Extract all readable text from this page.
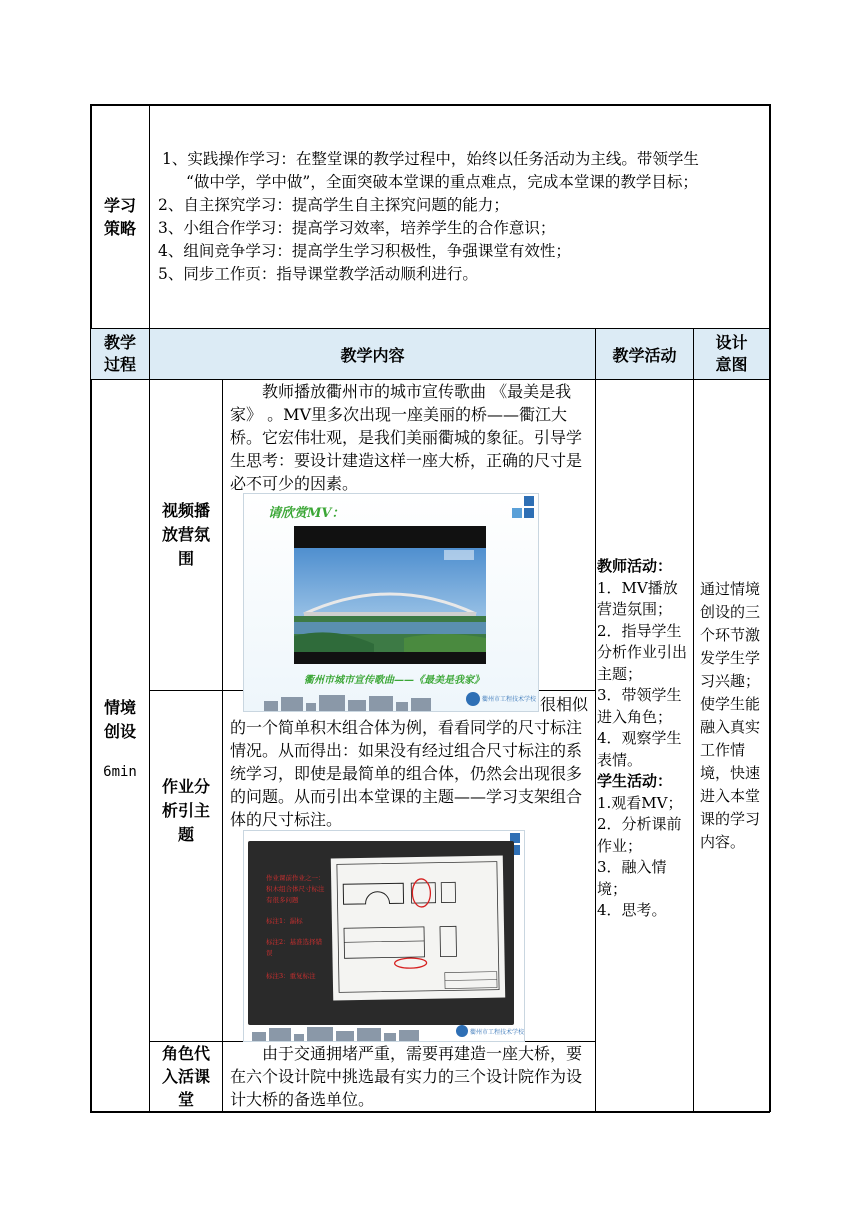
学习策略

1、实践操作学习：在整堂课的教学过程中，始终以任务活动为主线。带领学生

“做中学，学中做”，全面突破本堂课的重点难点，完成本堂课的教学目标；

2、自主探究学习：提高学生自主探究问题的能力；

3、小组合作学习：提高学习效率，培养学生的合作意识；

4、组间竞争学习：提高学生学习积极性，争强课堂有效性；

5、同步工作页：指导课堂教学活动顺利进行。

教学过程	教学内容	教学活动
设计意图
情境创设
6min
视频播放营氛围
教师播放衢州市的城市宣传歌曲 《最美是我家》 。MV里多次出现一座美丽的桥——衢江大桥。它宏伟壮观，是我们美丽衢城的象征。引导学生思考：要设计建造这样一座大桥，正确的尺寸是必不可少的因素。
请欣赏MV：
衢州市城市宣传歌曲——《最美是我家》
衢州市工程技术学校
作业分析引主题
很相似的一个简单积木组合体为例，看看同学的尺寸标注情况。从而得出：如果没有经过组合尺寸标注的系统学习，即使是最简单的组合体，仍然会出现很多的问题。从而引出本堂课的主题——学习支架组合体的尺寸标注。
作业课前作业之一：
积木组合体尺寸标注有很多问题
标注1：漏标
标注2：基准选择错误
标注3：重复标注
衢州市工程技术学校
角色代入活课堂
由于交通拥堵严重，需要再建造一座大桥，要在六个设计院中挑选最有实力的三个设计院作为设计大桥的备选单位。
教师活动：
1．MV播放营造氛围；
2．指导学生分析作业引出主题；
3．带领学生进入角色；
4．观察学生表情。
学生活动：
1.观看MV；
2．分析课前作业；
3．融入情境；
4．思考。
通过情境创设的三个环节激发学生学习兴趣；使学生能融入真实工作情境，快速进入本堂课的学习内容。
